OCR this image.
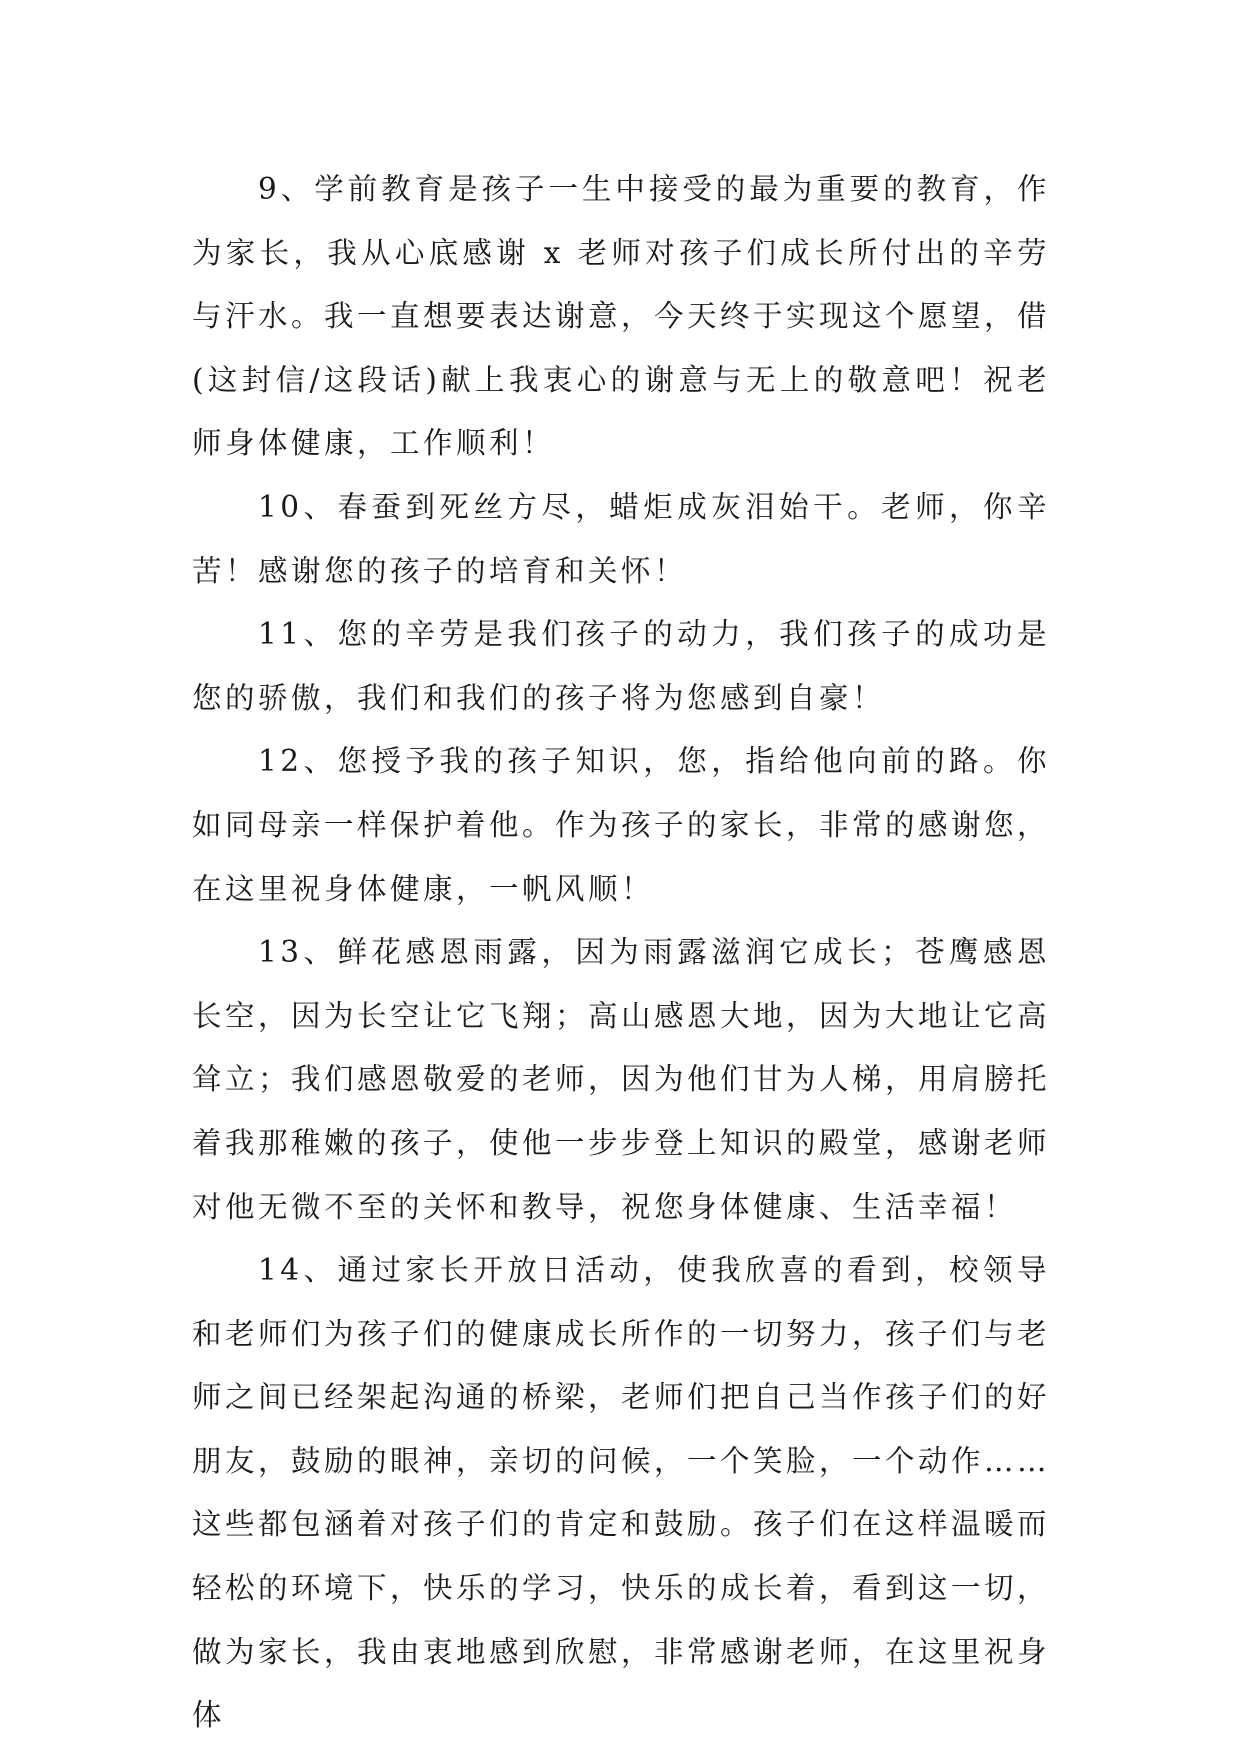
9、学前教育是孩子一生中接受的最为重要的教育，作为家长，我从心底感谢 x 老师对孩子们成长所付出的辛劳与汗水。我一直想要表达谢意，今天终于实现这个愿望，借(这封信/这段话)献上我衷心的谢意与无上的敬意吧！祝老师身体健康，工作顺利！

10、春蚕到死丝方尽，蜡炬成灰泪始干。老师，你辛苦！感谢您的孩子的培育和关怀！

11、您的辛劳是我们孩子的动力，我们孩子的成功是您的骄傲，我们和我们的孩子将为您感到自豪！

12、您授予我的孩子知识，您，指给他向前的路。你如同母亲一样保护着他。作为孩子的家长，非常的感谢您，在这里祝身体健康，一帆风顺！

13、鲜花感恩雨露，因为雨露滋润它成长；苍鹰感恩长空，因为长空让它飞翔；高山感恩大地，因为大地让它高耸立；我们感恩敬爱的老师，因为他们甘为人梯，用肩膀托着我那稚嫩的孩子，使他一步步登上知识的殿堂，感谢老师对他无微不至的关怀和教导，祝您身体健康、生活幸福！

14、通过家长开放日活动，使我欣喜的看到，校领导和老师们为孩子们的健康成长所作的一切努力，孩子们与老师之间已经架起沟通的桥梁，老师们把自己当作孩子们的好朋友，鼓励的眼神，亲切的问候，一个笑脸，一个动作……这些都包涵着对孩子们的肯定和鼓励。孩子们在这样温暖而轻松的环境下，快乐的学习，快乐的成长着，看到这一切，做为家长，我由衷地感到欣慰，非常感谢老师，在这里祝身体
